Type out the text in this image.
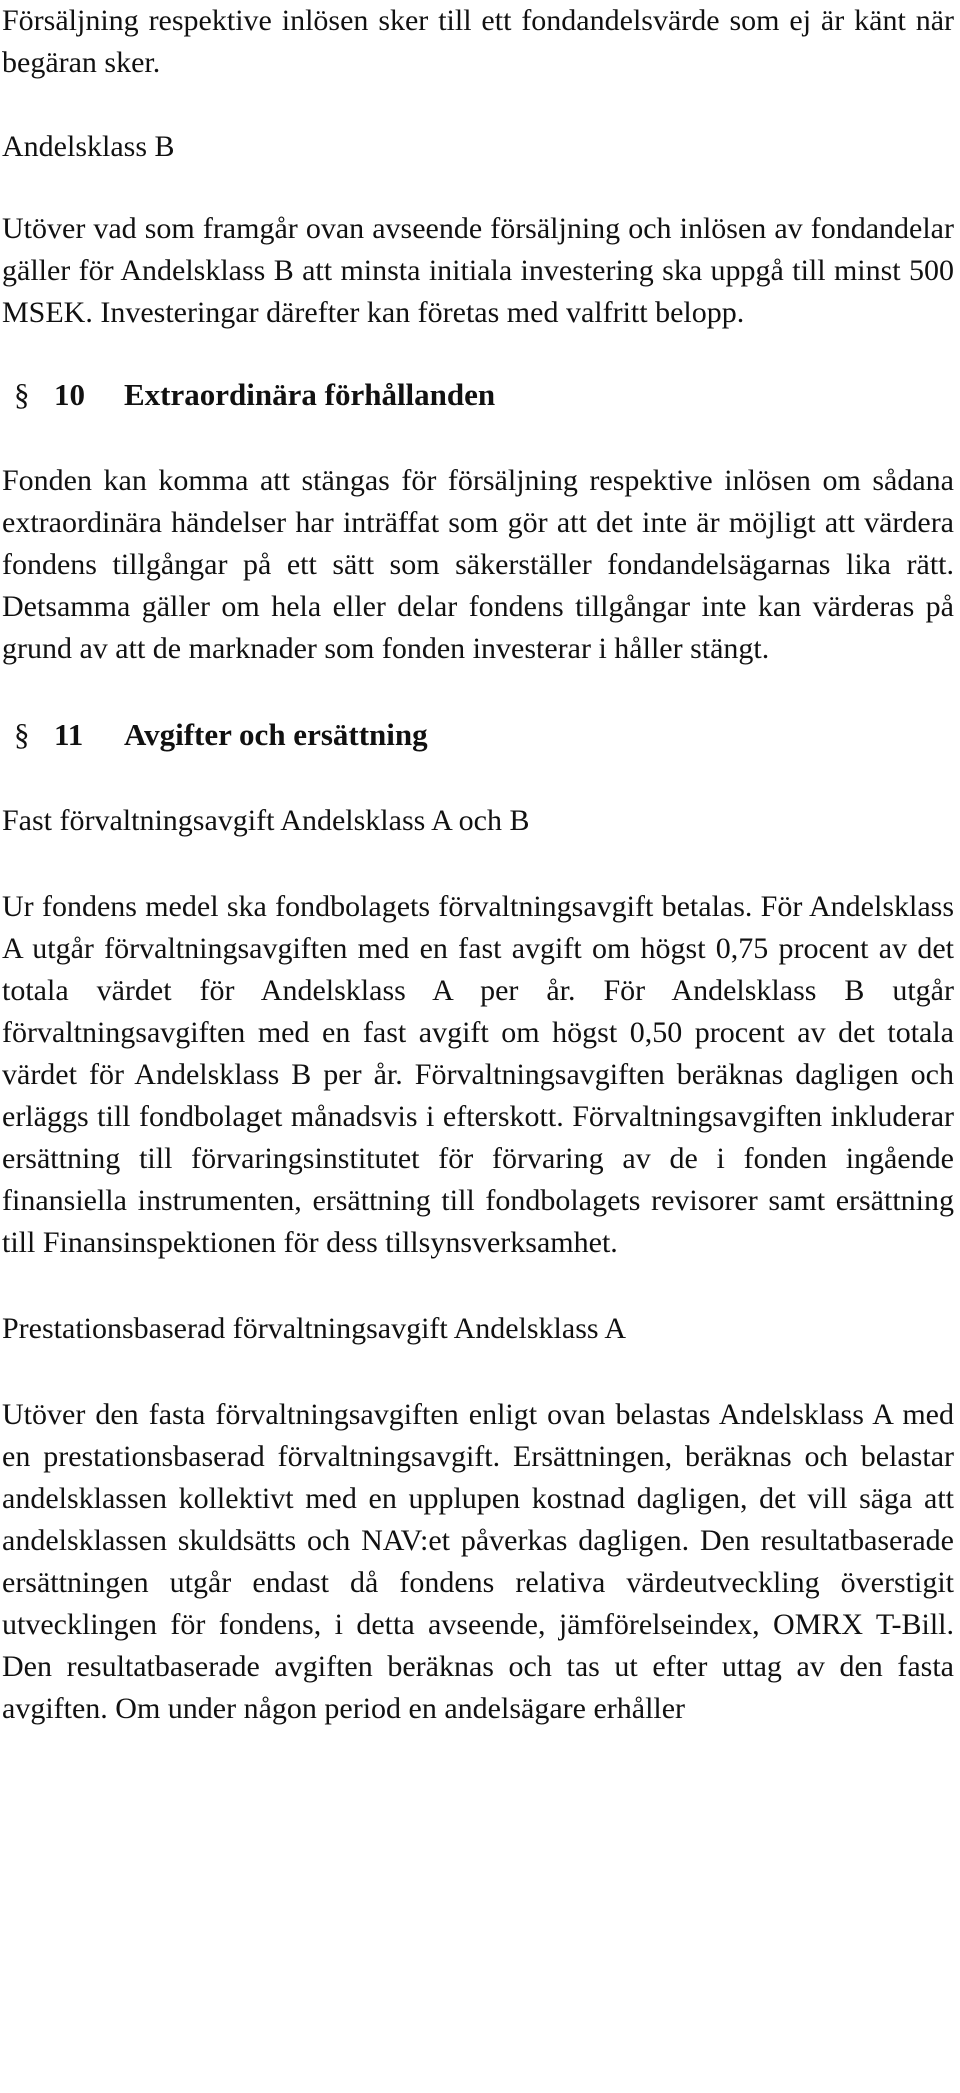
Försäljning respektive inlösen sker till ett fondandelsvärde som ej är känt när begäran sker.

Andelsklass B

Utöver vad som framgår ovan avseende försäljning och inlösen av fondandelar gäller för Andelsklass B att minsta initiala investering ska uppgå till minst 500 MSEK. Investeringar därefter kan företas med valfritt belopp.

§ 10	Extraordinära förhållanden

Fonden kan komma att stängas för försäljning respektive inlösen om sådana extraordinära händelser har inträffat som gör att det inte är möjligt att värdera fondens tillgångar på ett sätt som säkerställer fondandelsägarnas lika rätt. Detsamma gäller om hela eller delar fondens tillgångar inte kan värderas på grund av att de marknader som fonden investerar i håller stängt.

§ 11	Avgifter och ersättning

Fast förvaltningsavgift Andelsklass A och B

Ur fondens medel ska fondbolagets förvaltningsavgift betalas. För Andelsklass A utgår förvaltningsavgiften med en fast avgift om högst 0,75 procent av det totala värdet för Andelsklass A per år. För Andelsklass B utgår förvaltningsavgiften med en fast avgift om högst 0,50 procent av det totala värdet för Andelsklass B per år. Förvaltningsavgiften beräknas dagligen och erläggs till fondbolaget månadsvis i efterskott. Förvaltningsavgiften inkluderar ersättning till förvaringsinstitutet för förvaring av de i fonden ingående finansiella instrumenten, ersättning till fondbolagets revisorer samt ersättning till Finansinspektionen för dess tillsynsverksamhet.

Prestationsbaserad förvaltningsavgift Andelsklass A

Utöver den fasta förvaltningsavgiften enligt ovan belastas Andelsklass A med en prestationsbaserad förvaltningsavgift. Ersättningen, beräknas och belastar andelsklassen kollektivt med en upplupen kostnad dagligen, det vill säga att andelsklassen skuldsätts och NAV:et påverkas dagligen. Den resultatbaserade ersättningen utgår endast då fondens relativa värdeutveckling överstigit utvecklingen för fondens, i detta avseende, jämförelseindex, OMRX T-Bill. Den resultatbaserade avgiften beräknas och tas ut efter uttag av den fasta avgiften. Om under någon period en andelsägare erhåller
